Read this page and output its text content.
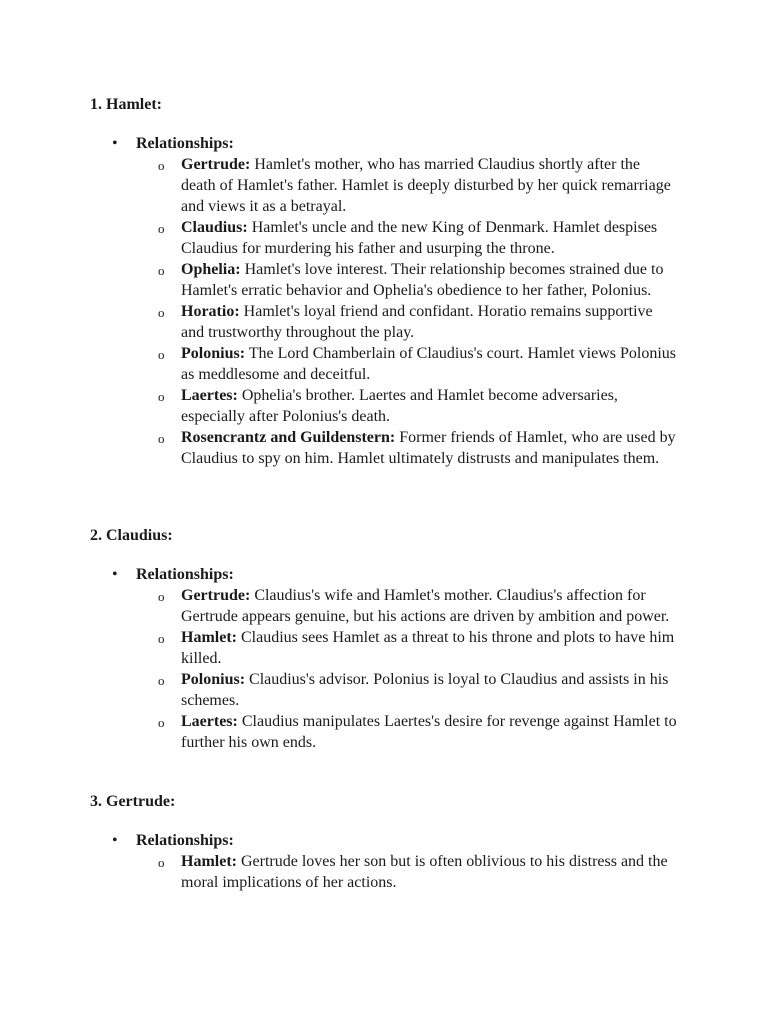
1. Hamlet:
• Relationships:
o Gertrude: Hamlet's mother, who has married Claudius shortly after the death of Hamlet's father. Hamlet is deeply disturbed by her quick remarriage and views it as a betrayal.
o Claudius: Hamlet's uncle and the new King of Denmark. Hamlet despises Claudius for murdering his father and usurping the throne.
o Ophelia: Hamlet's love interest. Their relationship becomes strained due to Hamlet's erratic behavior and Ophelia's obedience to her father, Polonius.
o Horatio: Hamlet's loyal friend and confidant. Horatio remains supportive and trustworthy throughout the play.
o Polonius: The Lord Chamberlain of Claudius's court. Hamlet views Polonius as meddlesome and deceitful.
o Laertes: Ophelia's brother. Laertes and Hamlet become adversaries, especially after Polonius's death.
o Rosencrantz and Guildenstern: Former friends of Hamlet, who are used by Claudius to spy on him. Hamlet ultimately distrusts and manipulates them.
2. Claudius:
• Relationships:
o Gertrude: Claudius's wife and Hamlet's mother. Claudius's affection for Gertrude appears genuine, but his actions are driven by ambition and power.
o Hamlet: Claudius sees Hamlet as a threat to his throne and plots to have him killed.
o Polonius: Claudius's advisor. Polonius is loyal to Claudius and assists in his schemes.
o Laertes: Claudius manipulates Laertes's desire for revenge against Hamlet to further his own ends.
3. Gertrude:
• Relationships:
o Hamlet: Gertrude loves her son but is often oblivious to his distress and the moral implications of her actions.
